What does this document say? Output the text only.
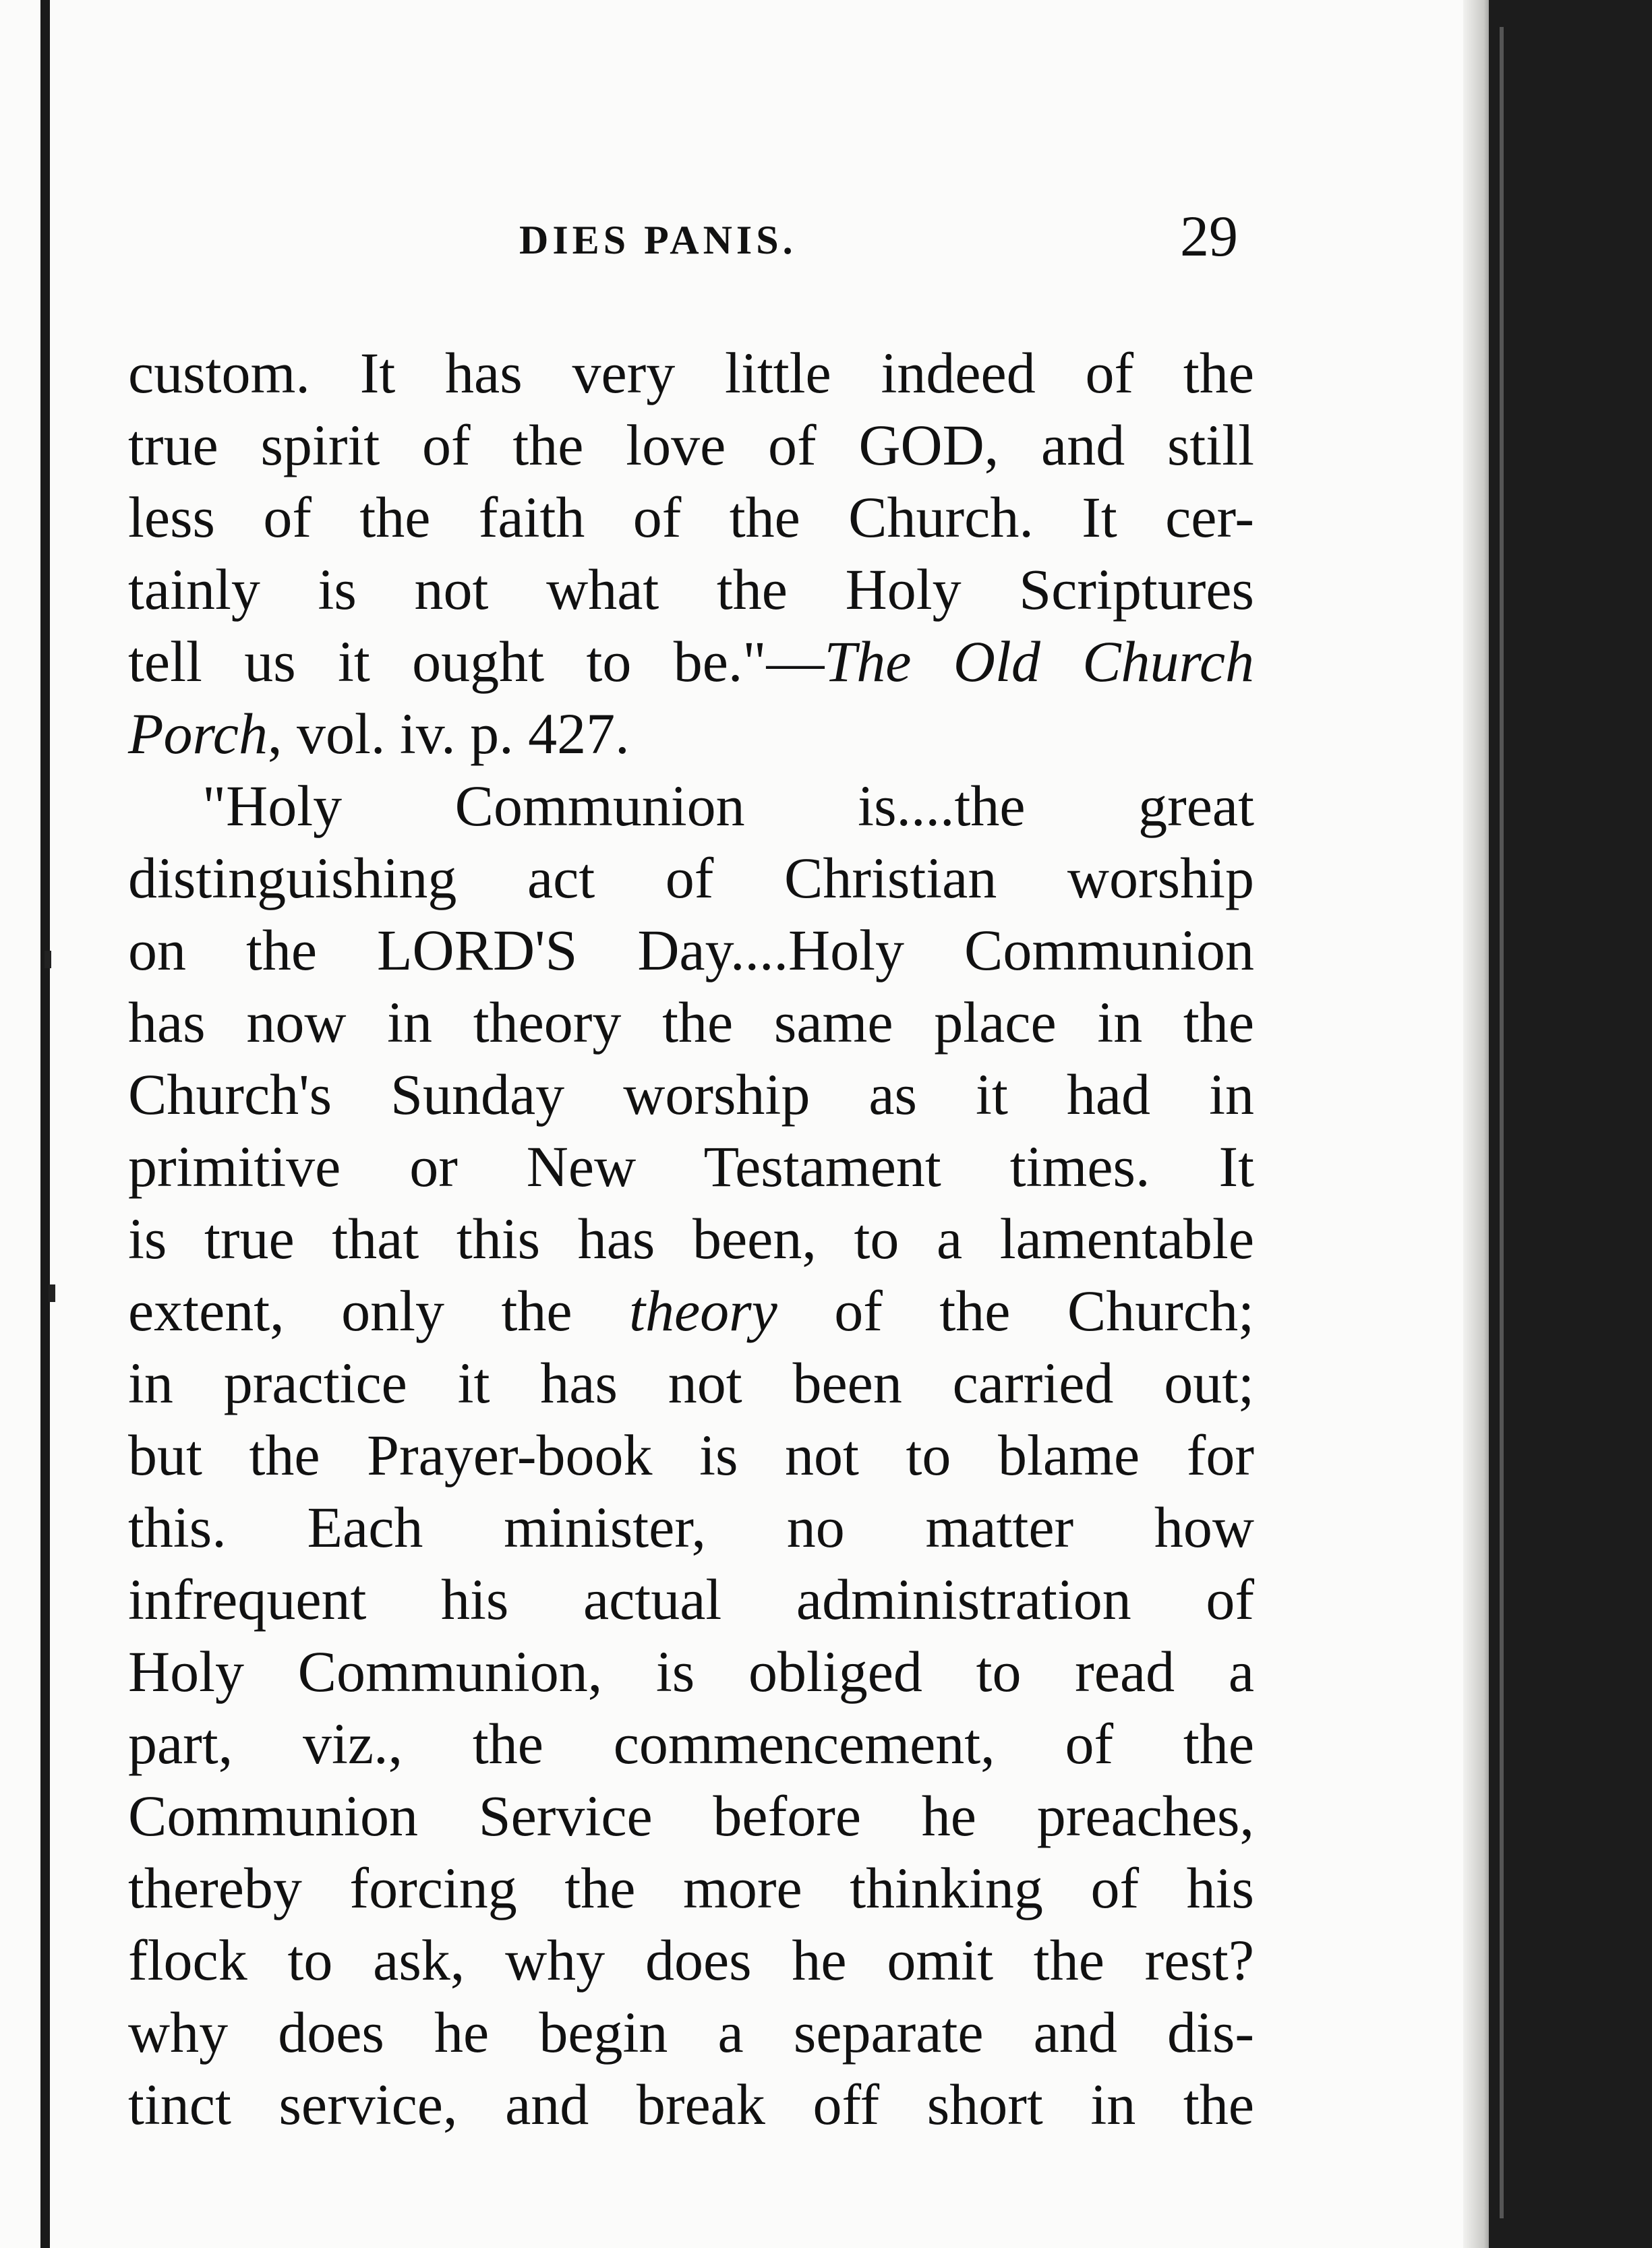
DIES PANIS.	29
custom. It has very little indeed of the
true spirit of the love of GOD, and still
less of the faith of the Church. It cer-
tainly is not what the Holy Scriptures
tell us it ought to be."—The Old Church
Porch, vol. iv. p. 427.
"Holy Communion is....the great
distinguishing act of Christian worship
on the LORD'S Day....Holy Communion
has now in theory the same place in the
Church's Sunday worship as it had in
primitive or New Testament times. It
is true that this has been, to a lamentable
extent, only the theory of the Church;
in practice it has not been carried out;
but the Prayer-book is not to blame for
this. Each minister, no matter how
infrequent his actual administration of
Holy Communion, is obliged to read a
part, viz., the commencement, of the
Communion Service before he preaches,
thereby forcing the more thinking of his
flock to ask, why does he omit the rest?
why does he begin a separate and dis-
tinct service, and break off short in the
